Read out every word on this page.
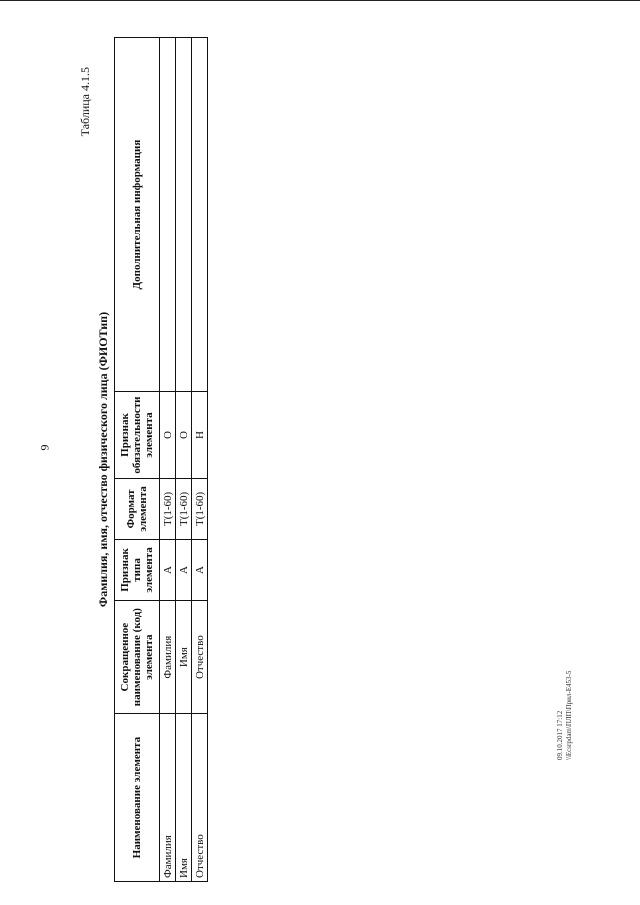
9
Таблица 4.1.5
Фамилия, имя, отчество физического лица (ФИОТип)
Наименование элемента	Сокращенное наименование (код) элемента	Признак типа элемента	Формат элемента	Признак обязательности элемента	Дополнительная информация
Фамилия	Фамилия	А	T(1-60)	О	
Имя	Имя	А	T(1-60)	О	
Отчество	Отчество	А	T(1-60)	Н	
09.10.2017 17:12 \\Ecsrpdam\ПЛП\Прил-E453-5
